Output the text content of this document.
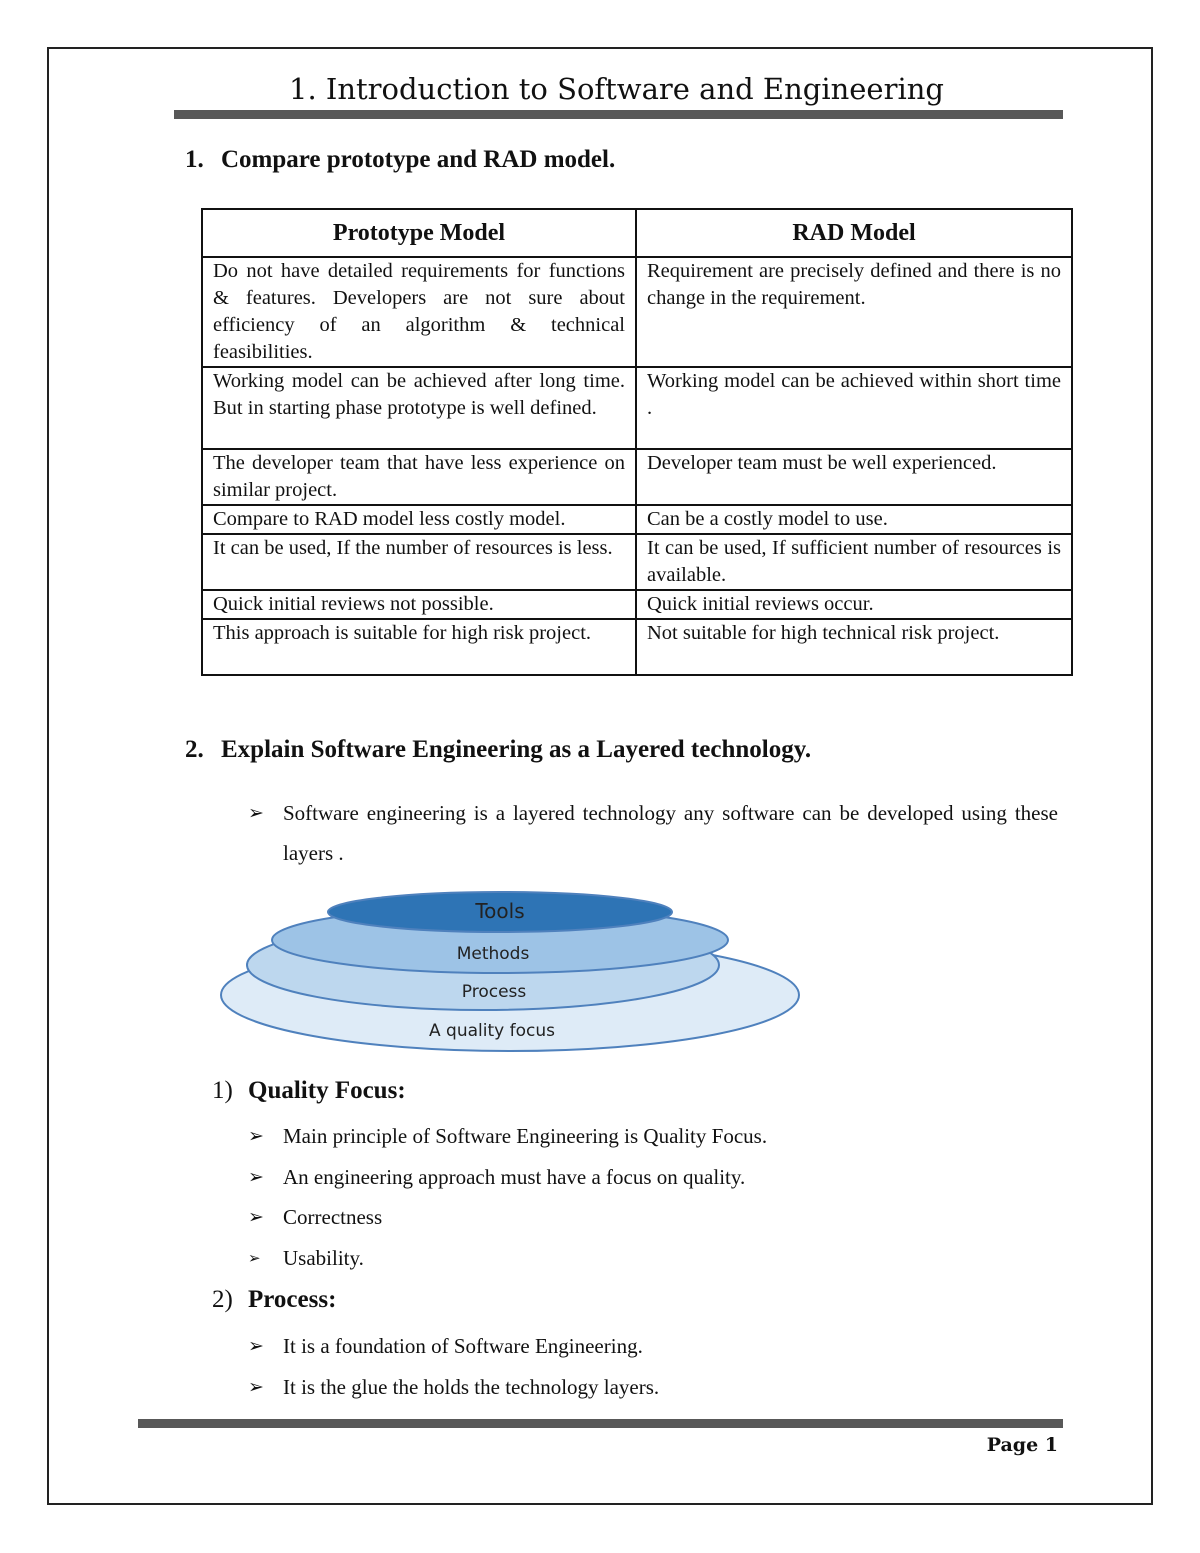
1. Introduction to Software and Engineering
1. Compare prototype and RAD model.
Prototype Model	RAD Model
Do not have detailed requirements for functions & features. Developers are not sure about efficiency of an algorithm & technical feasibilities.	Requirement are precisely defined and there is no change in the requirement.
Working model can be achieved after long time. But in starting phase prototype is well defined.	Working model can be achieved within short time .
The developer team that have less experience on similar project.	Developer team must be well experienced.
Compare to RAD model less costly model.	Can be a costly model to use.
It can be used, If the number of resources is less.	It can be used, If sufficient number of resources is available.
Quick initial reviews not possible.	Quick initial reviews occur.
This approach is suitable for high risk project.	Not suitable for high technical risk project.
2. Explain Software Engineering as a Layered technology.
➢ Software engineering is a layered technology any software can be developed using these layers .
Tools
Methods
Process
A quality focus
1) Quality Focus:
➢ Main principle of Software Engineering is Quality Focus.
➢ An engineering approach must have a focus on quality.
➢ Correctness
➢	Usability.
2) Process:
➢ It is a foundation of Software Engineering.
➢ It is the glue the holds the technology layers.
Page 1
